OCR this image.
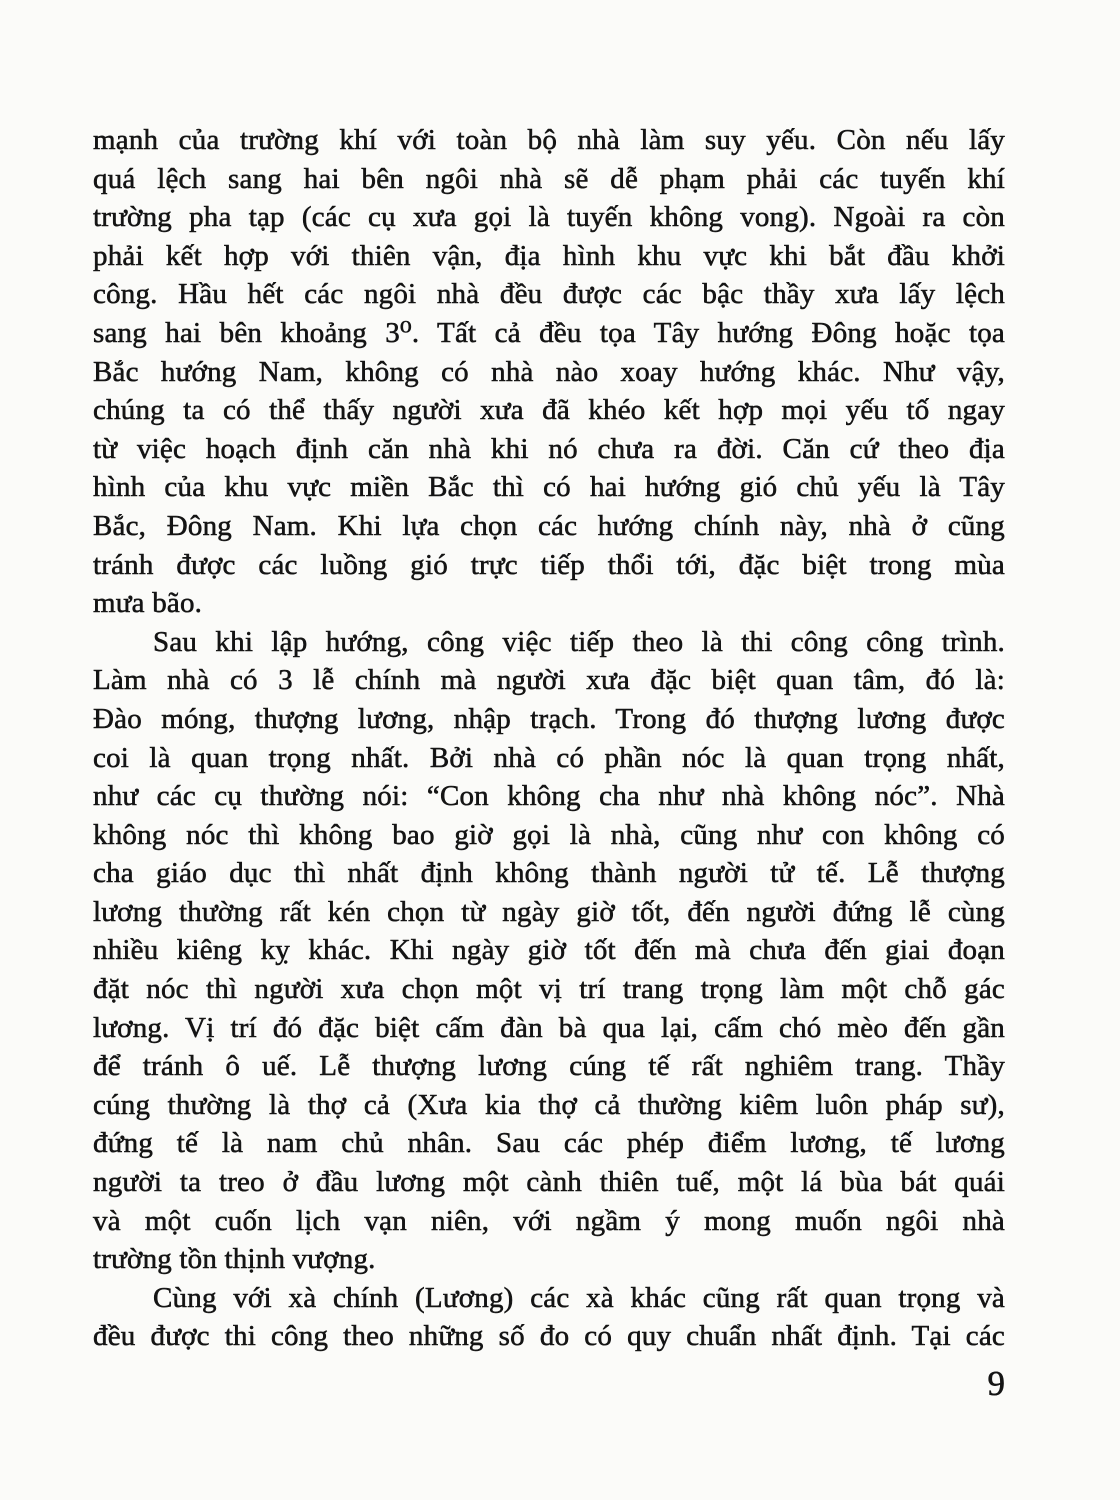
mạnh của trường khí với toàn bộ nhà làm suy yếu. Còn nếu lấy
quá lệch sang hai bên ngôi nhà sẽ dễ phạm phải các tuyến khí
trường pha tạp (các cụ xưa gọi là tuyến không vong). Ngoài ra còn
phải kết hợp với thiên vận, địa hình khu vực khi bắt đầu khởi
công. Hầu hết các ngôi nhà đều được các bậc thầy xưa lấy lệch
sang hai bên khoảng 3⁰. Tất cả đều tọa Tây hướng Đông hoặc tọa
Bắc hướng Nam, không có nhà nào xoay hướng khác. Như vậy,
chúng ta có thể thấy người xưa đã khéo kết hợp mọi yếu tố ngay
từ việc hoạch định căn nhà khi nó chưa ra đời. Căn cứ theo địa
hình của khu vực miền Bắc thì có hai hướng gió chủ yếu là Tây
Bắc, Đông Nam. Khi lựa chọn các hướng chính này, nhà ở cũng
tránh được các luồng gió trực tiếp thổi tới, đặc biệt trong mùa
mưa bão.
Sau khi lập hướng, công việc tiếp theo là thi công công trình.
Làm nhà có 3 lễ chính mà người xưa đặc biệt quan tâm, đó là:
Đào móng, thượng lương, nhập trạch. Trong đó thượng lương được
coi là quan trọng nhất. Bởi nhà có phần nóc là quan trọng nhất,
như các cụ thường nói: “Con không cha như nhà không nóc”. Nhà
không nóc thì không bao giờ gọi là nhà, cũng như con không có
cha giáo dục thì nhất định không thành người tử tế. Lễ thượng
lương thường rất kén chọn từ ngày giờ tốt, đến người đứng lễ cùng
nhiều kiêng kỵ khác. Khi ngày giờ tốt đến mà chưa đến giai đoạn
đặt nóc thì người xưa chọn một vị trí trang trọng làm một chỗ gác
lương. Vị trí đó đặc biệt cấm đàn bà qua lại, cấm chó mèo đến gần
để tránh ô uế. Lễ thượng lương cúng tế rất nghiêm trang. Thầy
cúng thường là thợ cả (Xưa kia thợ cả thường kiêm luôn pháp sư),
đứng tế là nam chủ nhân. Sau các phép điểm lương, tế lương
người ta treo ở đầu lương một cành thiên tuế, một lá bùa bát quái
và một cuốn lịch vạn niên, với ngầm ý mong muốn ngôi nhà
trường tồn thịnh vượng.
Cùng với xà chính (Lương) các xà khác cũng rất quan trọng và
đều được thi công theo những số đo có quy chuẩn nhất định. Tại các
9
